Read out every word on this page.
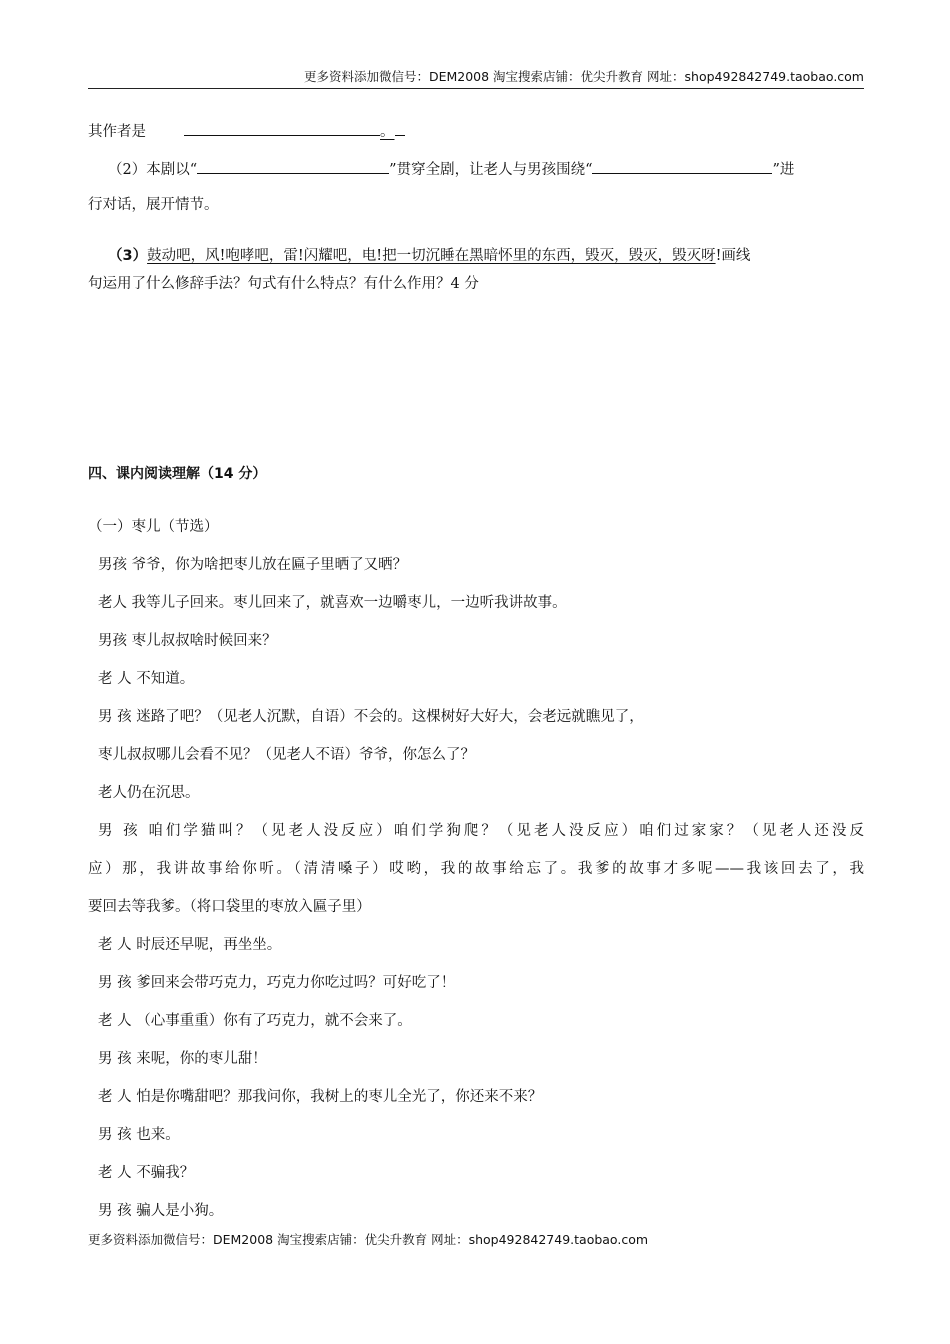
更多资料添加微信号：DEM2008 淘宝搜索店铺：优尖升教育 网址：shop492842749.taobao.com
其作者是	。
（2）本剧以“	”贯穿全剧，让老人与男孩围绕“	”进
行对话，展开情节。
（3）鼓动吧，风!咆哮吧，雷!闪耀吧，电!把一切沉睡在黑暗怀里的东西，毁灭，毁灭，毁灭呀!画线
句运用了什么修辞手法？句式有什么特点？有什么作用？4 分
四、课内阅读理解（14 分）
（一）枣儿（节选）
男孩 爷爷，你为啥把枣儿放在匾子里晒了又晒？
老人 我等儿子回来。枣儿回来了，就喜欢一边嚼枣儿，一边听我讲故事。
男孩 枣儿叔叔啥时候回来？
老 人 不知道。
男 孩 迷路了吧？（见老人沉默，自语）不会的。这棵树好大好大，会老远就瞧见了，
枣儿叔叔哪儿会看不见？（见老人不语）爷爷，你怎么了？
老人仍在沉思。
男 孩 咱们学猫叫？（见老人没反应）咱们学狗爬？（见老人没反应）咱们过家家？（见老人还没反
应）那，我讲故事给你听。（清清嗓子）哎哟，我的故事给忘了。我爹的故事才多呢——我该回去了，我
要回去等我爹。（将口袋里的枣放入匾子里）
老 人 时辰还早呢，再坐坐。
男 孩 爹回来会带巧克力，巧克力你吃过吗？可好吃了！
老 人 （心事重重）你有了巧克力，就不会来了。
男 孩 来呢，你的枣儿甜！
老 人 怕是你嘴甜吧？那我问你，我树上的枣儿全光了，你还来不来？
男 孩 也来。
老 人 不骗我？
男 孩 骗人是小狗。
更多资料添加微信号：DEM2008 淘宝搜索店铺：优尖升教育 网址：shop492842749.taobao.com
